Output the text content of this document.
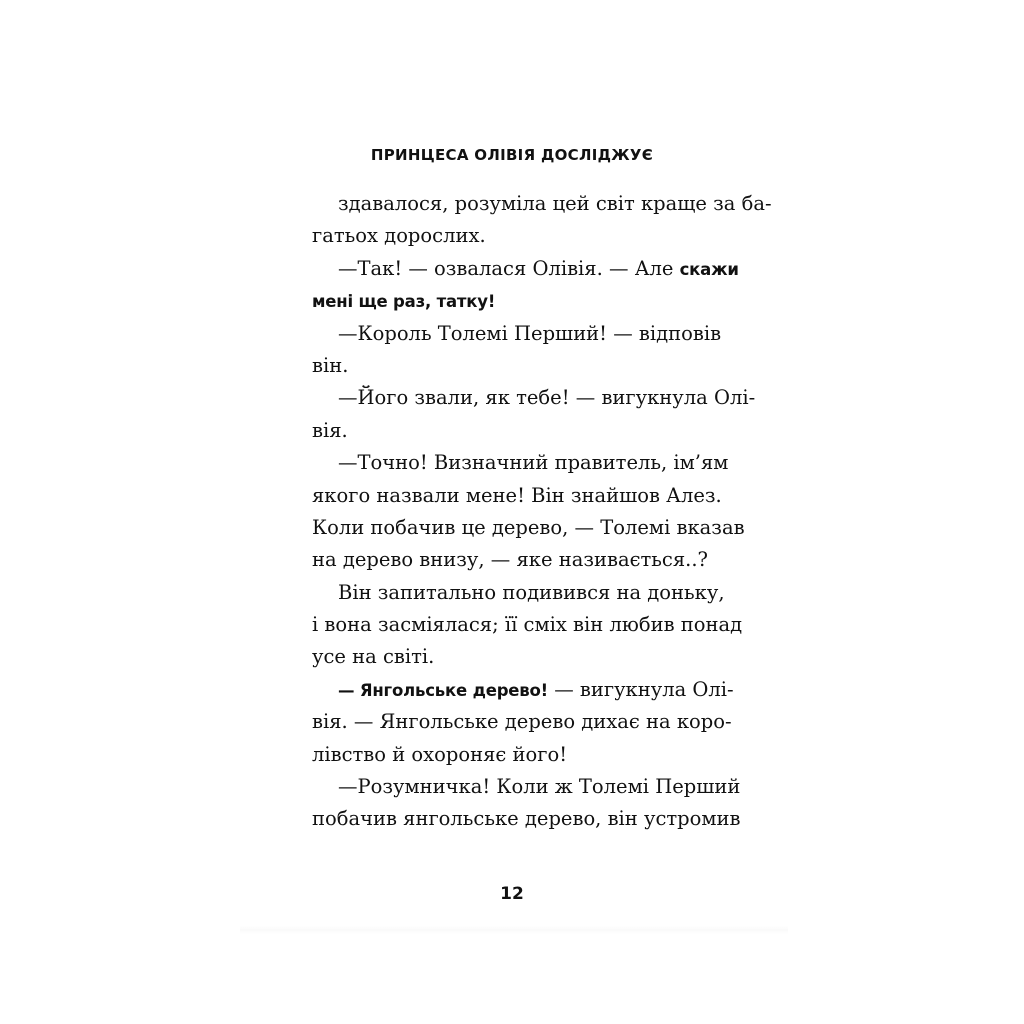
ПРИНЦЕСА ОЛІВІЯ ДОСЛІДЖУЄ
здавалося, розуміла цей світ краще за ба-
гатьох дорослих.
—Так! — озвалася Олівія. — Але скажи
мені ще раз, татку!
—Король Толемі Перший! — відповів
він.
—Його звали, як тебе! — вигукнула Олі-
вія.
—Точно! Визначний правитель, ім’ям
якого назвали мене! Він знайшов Алез.
Коли побачив це дерево, — Толемі вказав
на дерево внизу, — яке називається..?
Він запитально подивився на доньку,
і вона засміялася; її сміх він любив понад
усе на світі.
— Янгольське дерево! — вигукнула Олі-
вія. — Янгольське дерево дихає на коро-
лівство й охороняє його!
—Розумничка! Коли ж Толемі Перший
побачив янгольське дерево, він устромив
12
